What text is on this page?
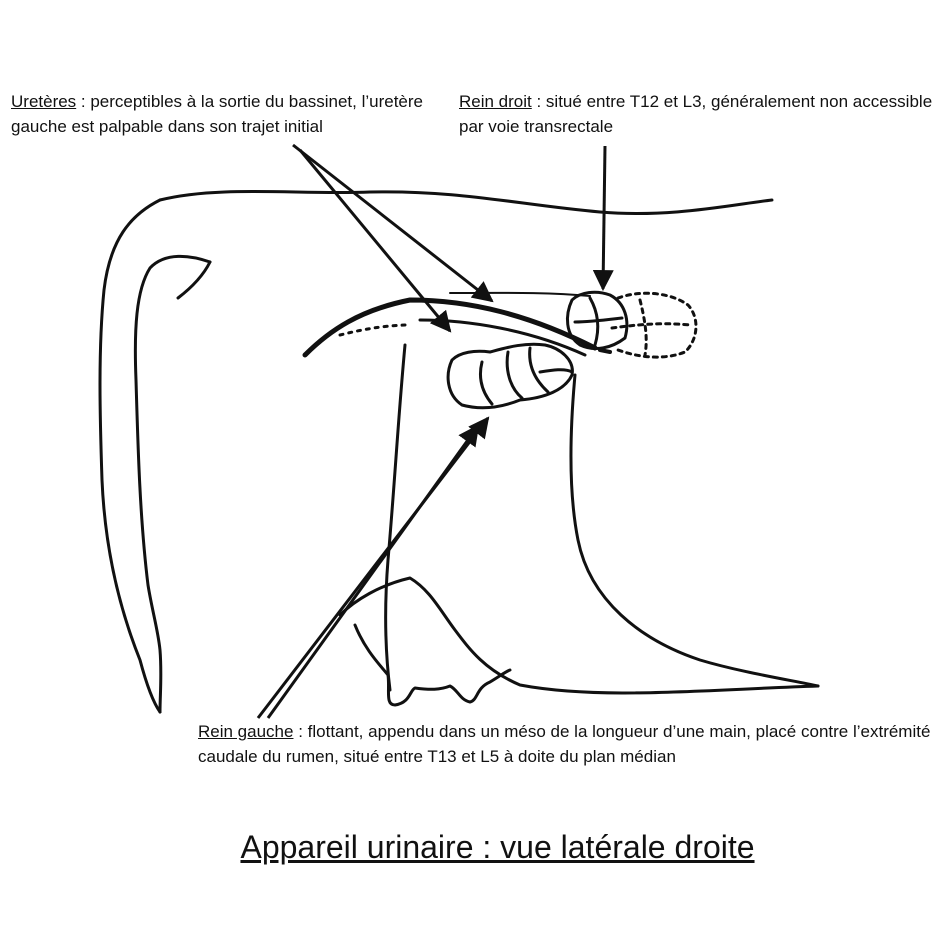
Uretères : perceptibles à la sortie du bassinet, l’uretère gauche est palpable dans son trajet initial
Rein droit : situé entre T12 et L3, généralement non accessible par voie transrectale
Rein gauche : flottant, appendu dans un méso de la longueur d’une main, placé contre l’extrémité caudale du rumen, situé entre T13 et L5 à doite du plan médian
Appareil urinaire : vue latérale droite
